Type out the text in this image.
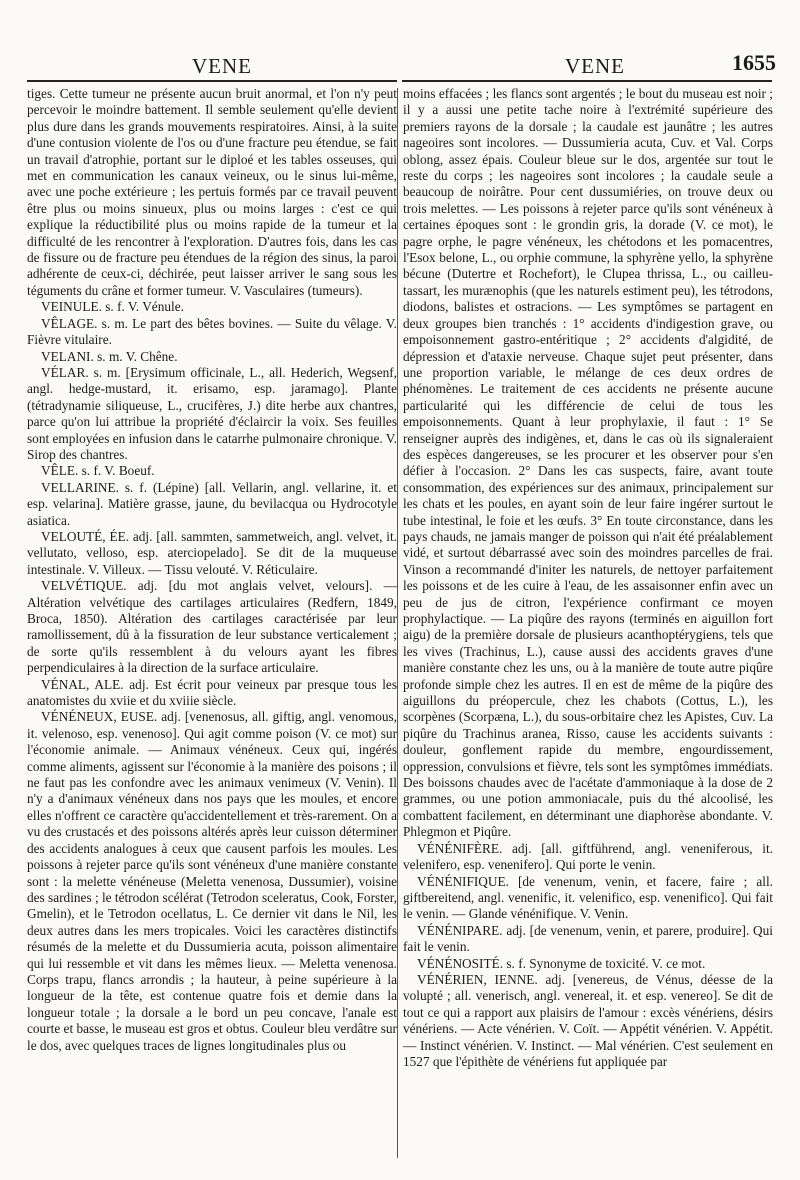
VENE	VENE	1655

tiges. Cette tumeur ne présente aucun bruit anormal, et l'on n'y peut percevoir le moindre battement. Il semble seulement qu'elle devient plus dure dans les grands mouvements respiratoires. Ainsi, à la suite d'une contusion violente de l'os ou d'une fracture peu étendue, se fait un travail d'atrophie, portant sur le diploé et les tables osseuses, qui met en communication les canaux veineux, ou le sinus lui-même, avec une poche extérieure ; les pertuis formés par ce travail peuvent être plus ou moins sinueux, plus ou moins larges : c'est ce qui explique la réductibilité plus ou moins rapide de la tumeur et la difficulté de les rencontrer à l'exploration. D'autres fois, dans les cas de fissure ou de fracture peu étendues de la région des sinus, la paroi adhérente de ceux-ci, déchirée, peut laisser arriver le sang sous les téguments du crâne et former tumeur. V. Vasculaires (tumeurs).

VEINULE. s. f. V. Vénule.

VÊLAGE. s. m. Le part des bêtes bovines. — Suite du vêlage. V. Fièvre vitulaire.

VELANI. s. m. V. Chêne.

VÉLAR. s. m. [Erysimum officinale, L., all. Hederich, Wegsenf, angl. hedge-mustard, it. erisamo, esp. jaramago]. Plante (tétradynamie siliqueuse, L., crucifères, J.) dite herbe aux chantres, parce qu'on lui attribue la propriété d'éclaircir la voix. Ses feuilles sont employées en infusion dans le catarrhe pulmonaire chronique. V. Sirop des chantres.

VÊLE. s. f. V. Boeuf.

VELLARINE. s. f. (Lépine) [all. Vellarin, angl. vellarine, it. et esp. velarina]. Matière grasse, jaune, du bevilacqua ou Hydrocotyle asiatica.

VELOUTÉ, ÉE. adj. [all. sammten, sammetweich, angl. velvet, it. vellutato, velloso, esp. aterciopelado]. Se dit de la muqueuse intestinale. V. Villeux. — Tissu velouté. V. Réticulaire.

VELVÉTIQUE. adj. [du mot anglais velvet, velours]. — Altération velvétique des cartilages articulaires (Redfern, 1849, Broca, 1850). Altération des cartilages caractérisée par leur ramollissement, dû à la fissuration de leur substance verticalement ; de sorte qu'ils ressemblent à du velours ayant les fibres perpendiculaires à la direction de la surface articulaire.

VÉNAL, ALE. adj. Est écrit pour veineux par presque tous les anatomistes du xviie et du xviiie siècle.

VÉNÉNEUX, EUSE. adj. [venenosus, all. giftig, angl. venomous, it. velenoso, esp. venenoso]. Qui agit comme poison (V. ce mot) sur l'économie animale. — Animaux vénéneux. Ceux qui, ingérés comme aliments, agissent sur l'économie à la manière des poisons ; il ne faut pas les confondre avec les animaux venimeux (V. Venin). Il n'y a d'animaux vénéneux dans nos pays que les moules, et encore elles n'offrent ce caractère qu'accidentellement et très-rarement. On a vu des crustacés et des poissons altérés après leur cuisson déterminer des accidents analogues à ceux que causent parfois les moules. Les poissons à rejeter parce qu'ils sont vénéneux d'une manière constante sont : la melette vénéneuse (Meletta venenosa, Dussumier), voisine des sardines ; le tétrodon scélérat (Tetrodon sceleratus, Cook, Forster, Gmelin), et le Tetrodon ocellatus, L. Ce dernier vit dans le Nil, les deux autres dans les mers tropicales. Voici les caractères distinctifs résumés de la melette et du Dussumieria acuta, poisson alimentaire qui lui ressemble et vit dans les mêmes lieux. — Meletta venenosa. Corps trapu, flancs arrondis ; la hauteur, à peine supérieure à la longueur de la tête, est contenue quatre fois et demie dans la longueur totale ; la dorsale a le bord un peu concave, l'anale est courte et basse, le museau est gros et obtus. Couleur bleu verdâtre sur le dos, avec quelques traces de lignes longitudinales plus ou

moins effacées ; les flancs sont argentés ; le bout du museau est noir ; il y a aussi une petite tache noire à l'extrémité supérieure des premiers rayons de la dorsale ; la caudale est jaunâtre ; les autres nageoires sont incolores. — Dussumieria acuta, Cuv. et Val. Corps oblong, assez épais. Couleur bleue sur le dos, argentée sur tout le reste du corps ; les nageoires sont incolores ; la caudale seule a beaucoup de noirâtre. Pour cent dussumiéries, on trouve deux ou trois melettes. — Les poissons à rejeter parce qu'ils sont vénéneux à certaines époques sont : le grondin gris, la dorade (V. ce mot), le pagre orphe, le pagre vénéneux, les chétodons et les pomacentres, l'Esox belone, L., ou orphie commune, la sphyrène yello, la sphyrène bécune (Dutertre et Rochefort), le Clupea thrissa, L., ou cailleu-tassart, les murænophis (que les naturels estiment peu), les tétrodons, diodons, balistes et ostracions. — Les symptômes se partagent en deux groupes bien tranchés : 1° accidents d'indigestion grave, ou empoisonnement gastro-entéritique ; 2° accidents d'algidité, de dépression et d'ataxie nerveuse. Chaque sujet peut présenter, dans une proportion variable, le mélange de ces deux ordres de phénomènes. Le traitement de ces accidents ne présente aucune particularité qui les différencie de celui de tous les empoisonnements. Quant à leur prophylaxie, il faut : 1° Se renseigner auprès des indigènes, et, dans le cas où ils signaleraient des espèces dangereuses, se les procurer et les observer pour s'en défier à l'occasion. 2° Dans les cas suspects, faire, avant toute consommation, des expériences sur des animaux, principalement sur les chats et les poules, en ayant soin de leur faire ingérer surtout le tube intestinal, le foie et les œufs. 3° En toute circonstance, dans les pays chauds, ne jamais manger de poisson qui n'ait été préalablement vidé, et surtout débarrassé avec soin des moindres parcelles de frai. Vinson a recommandé d'initer les naturels, de nettoyer parfaitement les poissons et de les cuire à l'eau, de les assaisonner enfin avec un peu de jus de citron, l'expérience confirmant ce moyen prophylactique. — La piqûre des rayons (terminés en aiguillon fort aigu) de la première dorsale de plusieurs acanthoptérygiens, tels que les vives (Trachinus, L.), cause aussi des accidents graves d'une manière constante chez les uns, ou à la manière de toute autre piqûre profonde simple chez les autres. Il en est de même de la piqûre des aiguillons du préopercule, chez les chabots (Cottus, L.), les scorpènes (Scorpæna, L.), du sous-orbitaire chez les Apistes, Cuv. La piqûre du Trachinus aranea, Risso, cause les accidents suivants : douleur, gonflement rapide du membre, engourdissement, oppression, convulsions et fièvre, tels sont les symptômes immédiats. Des boissons chaudes avec de l'acétate d'ammoniaque à la dose de 2 grammes, ou une potion ammoniacale, puis du thé alcoolisé, les combattent facilement, en déterminant une diaphorèse abondante. V. Phlegmon et Piqûre.

VÉNÉNIFÈRE. adj. [all. giftführend, angl. veneniferous, it. velenifero, esp. venenifero]. Qui porte le venin.

VÉNÉNIFIQUE. [de venenum, venin, et facere, faire ; all. giftbereitend, angl. venenific, it. velenifico, esp. venenifico]. Qui fait le venin. — Glande vénénifique. V. Venin.

VÉNÉNIPARE. adj. [de venenum, venin, et parere, produire]. Qui fait le venin.

VÉNÉNOSITÉ. s. f. Synonyme de toxicité. V. ce mot.

VÉNÉRIEN, IENNE. adj. [venereus, de Vénus, déesse de la volupté ; all. venerisch, angl. venereal, it. et esp. venereo]. Se dit de tout ce qui a rapport aux plaisirs de l'amour : excès vénériens, désirs vénériens. — Acte vénérien. V. Coït. — Appétit vénérien. V. Appétit. — Instinct vénérien. V. Instinct. — Mal vénérien. C'est seulement en 1527 que l'épithète de vénériens fut appliquée par
